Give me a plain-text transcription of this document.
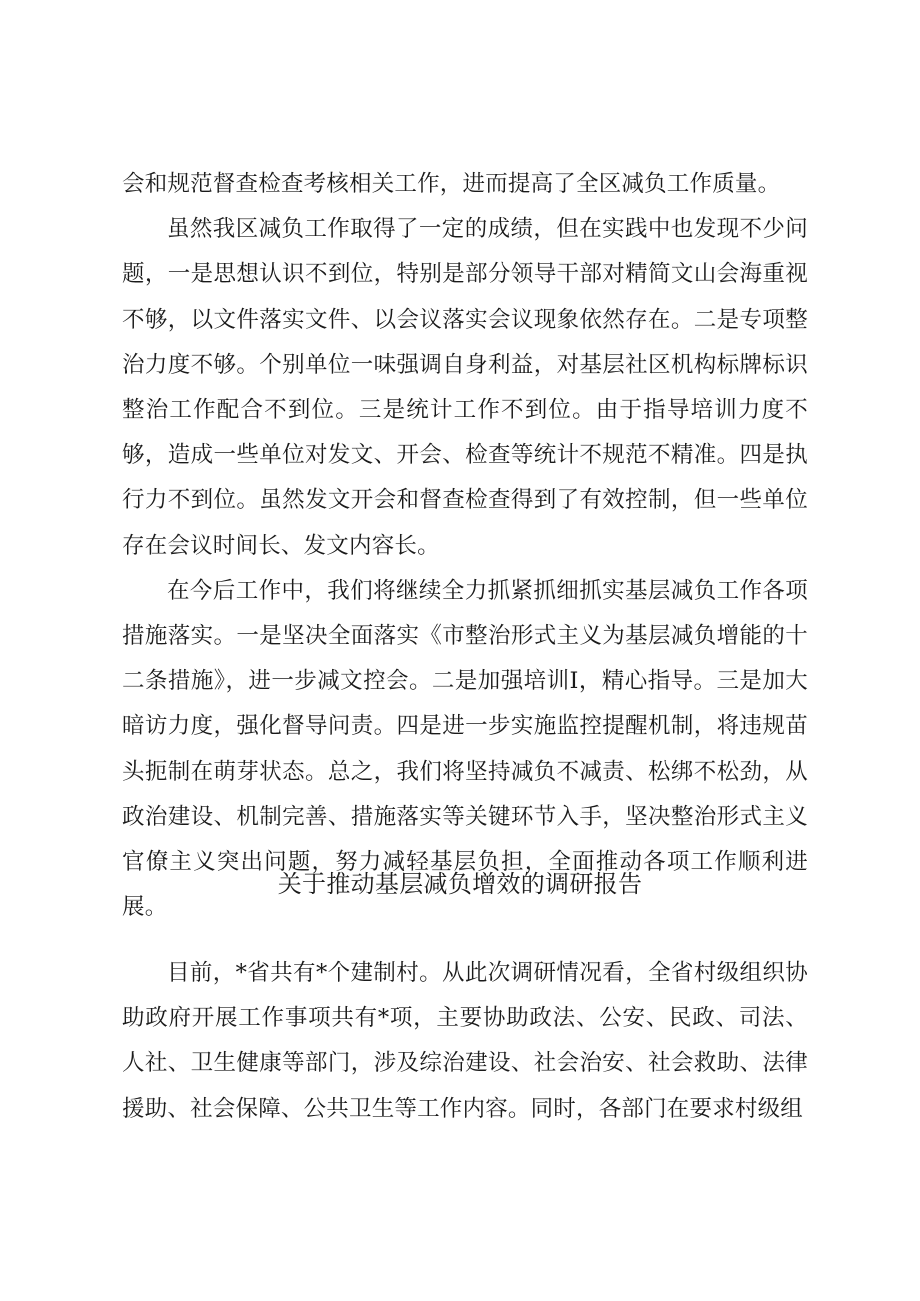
会和规范督查检查考核相关工作，进而提高了全区减负工作质量。

虽然我区减负工作取得了一定的成绩，但在实践中也发现不少问题，一是思想认识不到位，特别是部分领导干部对精简文山会海重视不够，以文件落实文件、以会议落实会议现象依然存在。二是专项整治力度不够。个别单位一味强调自身利益，对基层社区机构标牌标识整治工作配合不到位。三是统计工作不到位。由于指导培训力度不够，造成一些单位对发文、开会、检查等统计不规范不精准。四是执行力不到位。虽然发文开会和督查检查得到了有效控制，但一些单位存在会议时间长、发文内容长。

在今后工作中，我们将继续全力抓紧抓细抓实基层减负工作各项措施落实。一是坚决全面落实《市整治形式主义为基层减负增能的十二条措施》，进一步减文控会。二是加强培训I，精心指导。三是加大暗访力度，强化督导问责。四是进一步实施监控提醒机制，将违规苗头扼制在萌芽状态。总之，我们将坚持减负不减责、松绑不松劲，从政治建设、机制完善、措施落实等关键环节入手，坚决整治形式主义官僚主义突出问题，努力减轻基层负担，全面推动各项工作顺利进展。

关于推动基层减负增效的调研报告

目前，*省共有*个建制村。从此次调研情况看，全省村级组织协助政府开展工作事项共有*项，主要协助政法、公安、民政、司法、人社、卫生健康等部门，涉及综治建设、社会治安、社会救助、法律援助、社会保障、公共卫生等工作内容。同时，各部门在要求村级组
